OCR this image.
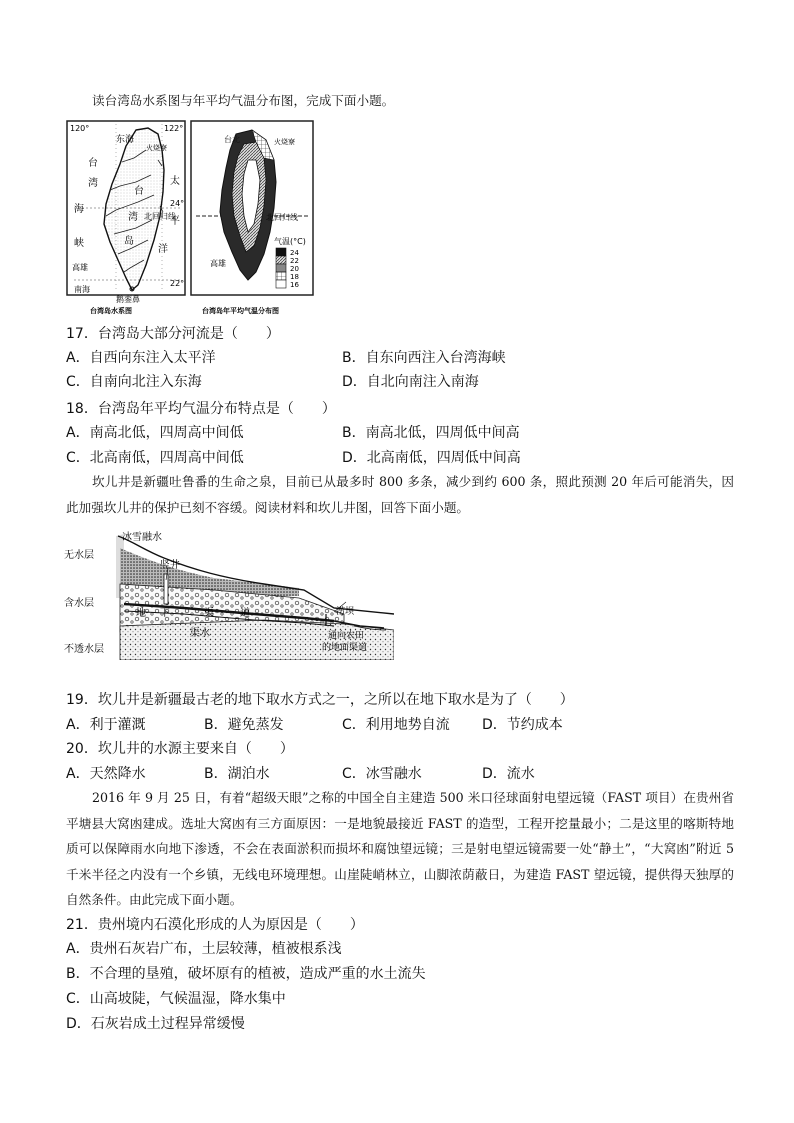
读台湾岛水系图与年平均气温分布图，完成下面小题。
120°	122°
24°
22°
东海
火烧寮
台
湾
海
峡
太
平
洋
台
湾
岛
北回归线
高雄
南海
鹅銮鼻
台湾岛水系图
台北	火烧寮
北回归线
高雄
气温(°C)
24
22
20
18
16
台湾岛年平均气温分布图
17．台湾岛大部分河流是（　　）
A．自西向东注入太平洋	B．自东向西注入台湾海峡
C．自南向北注入东海	D．自北向南注入南海
18．台湾岛年平均气温分布特点是（　　）
A．南高北低，四周高中间低	B．南高北低，四周低中间高
C．北高南低，四周高中间低	D．北高南低，四周低中间高
坎儿井是新疆吐鲁番的生命之泉，目前已从最多时 800 多条，减少到约 600 条，照此预测 20 年后可能消失，因此加强坎儿井的保护已刻不容缓。阅读材料和坎儿井图，回答下面小题。
冰雪融水
无水层
含水层
不透水层
竖井
地 下	渠	道
渠水
涝坝
通向农田
的地面渠道
19．坎儿井是新疆最古老的地下取水方式之一，之所以在地下取水是为了（　　）
A．利于灌溉	B．避免蒸发	C．利用地势自流 D．节约成本
20．坎儿井的水源主要来自（　　）
A．天然降水	B．湖泊水	C．冰雪融水	D．流水
2016 年 9 月 25 日，有着“超级天眼”之称的中国全自主建造 500 米口径球面射电望远镜（FAST 项目）在贵州省平塘县大窝凼建成。选址大窝凼有三方面原因：一是地貌最接近 FAST 的造型，工程开挖量最小；二是这里的喀斯特地质可以保障雨水向地下渗透，不会在表面淤积而损坏和腐蚀望远镜；三是射电望远镜需要一处“静土”，“大窝凼”附近 5 千米半径之内没有一个乡镇，无线电环境理想。山崖陡峭林立，山脚浓荫蔽日，为建造 FAST 望远镜，提供得天独厚的自然条件。由此完成下面小题。
21．贵州境内石漠化形成的人为原因是（　　）
A．贵州石灰岩广布，土层较薄，植被根系浅
B．不合理的垦殖，破坏原有的植被，造成严重的水土流失
C．山高坡陡，气候温湿，降水集中
D．石灰岩成土过程异常缓慢
